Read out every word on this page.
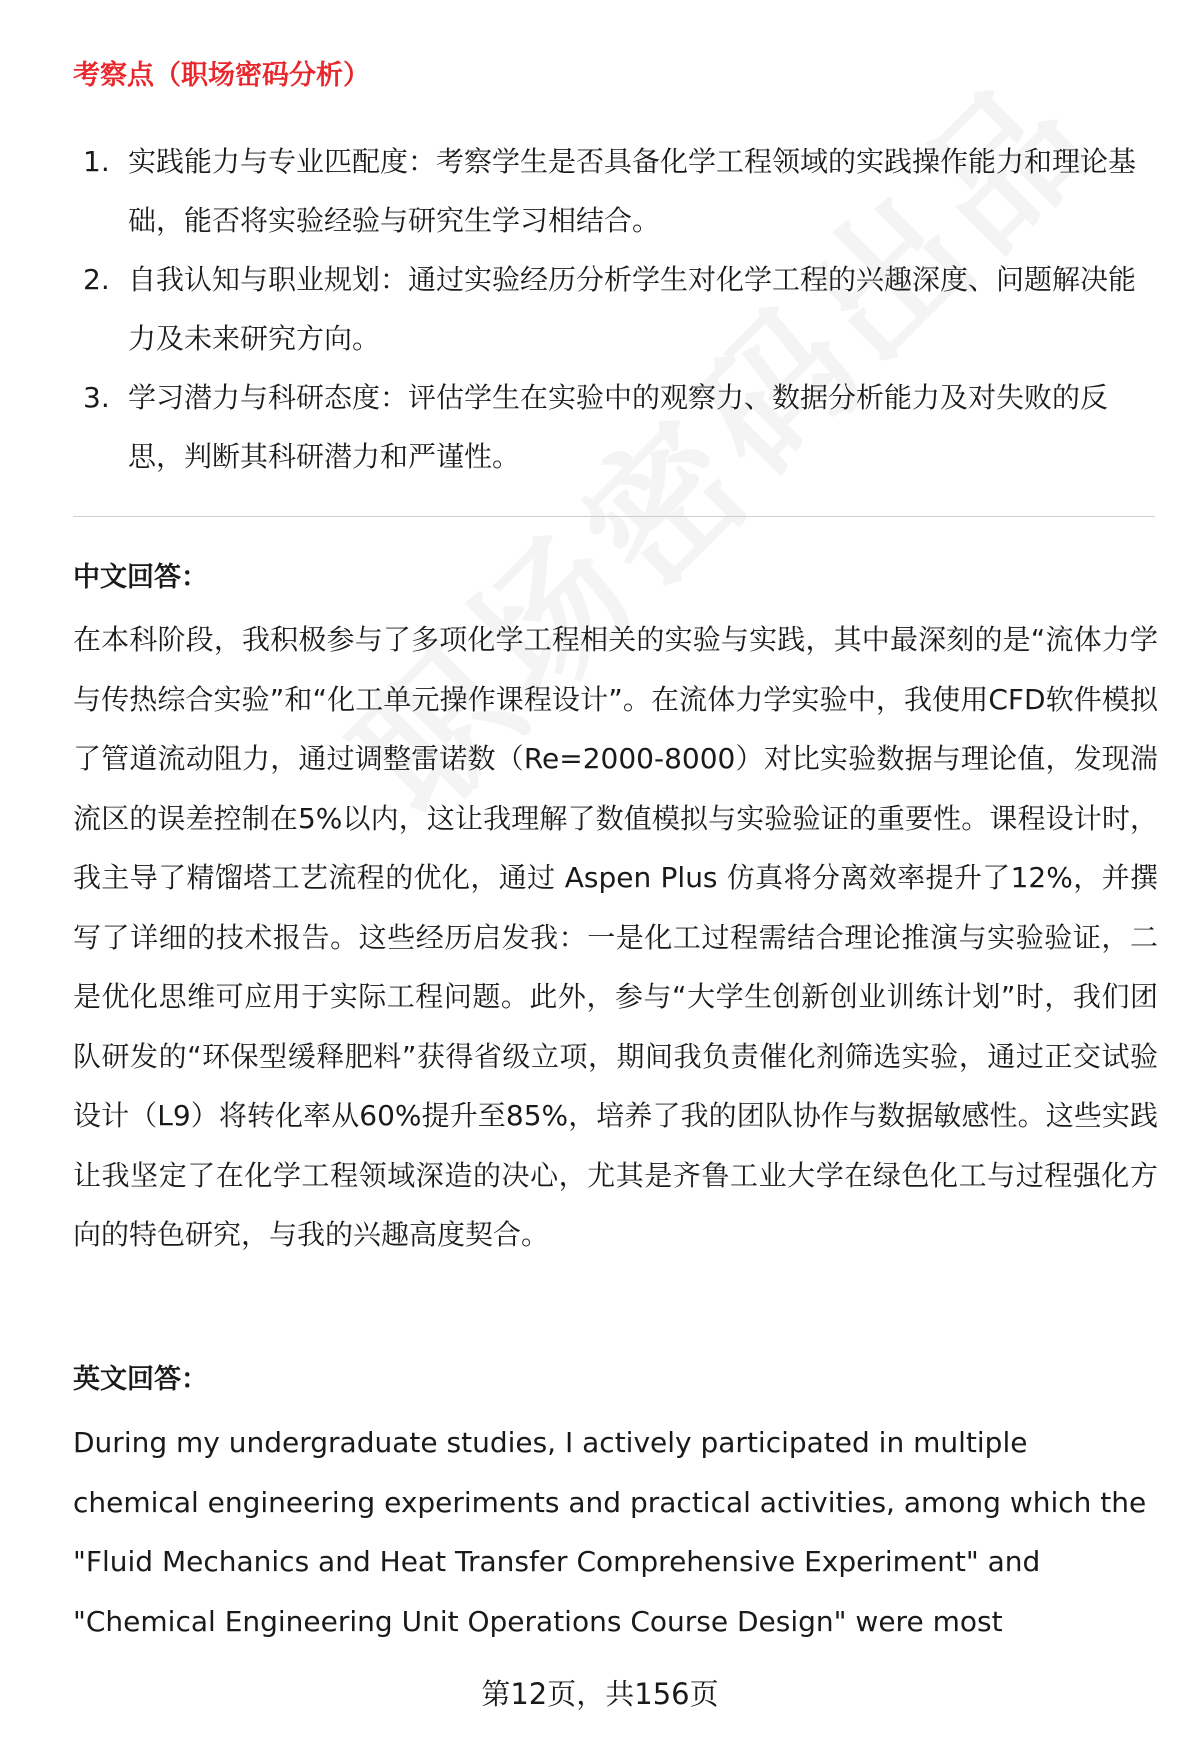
考察点（职场密码分析）
1. 实践能力与专业匹配度：考察学生是否具备化学工程领域的实践操作能力和理论基础，能否将实验经验与研究生学习相结合。
2. 自我认知与职业规划：通过实验经历分析学生对化学工程的兴趣深度、问题解决能力及未来研究方向。
3. 学习潜力与科研态度：评估学生在实验中的观察力、数据分析能力及对失败的反思，判断其科研潜力和严谨性。
中文回答：

在本科阶段，我积极参与了多项化学工程相关的实验与实践，其中最深刻的是“流体力学与传热综合实验”和“化工单元操作课程设计”。在流体力学实验中，我使用CFD软件模拟了管道流动阻力，通过调整雷诺数（Re=2000-8000）对比实验数据与理论值，发现湍流区的误差控制在5%以内，这让我理解了数值模拟与实验验证的重要性。课程设计时，我主导了精馏塔工艺流程的优化，通过 Aspen Plus 仿真将分离效率提升了12%，并撰写了详细的技术报告。这些经历启发我：一是化工过程需结合理论推演与实验验证，二是优化思维可应用于实际工程问题。此外，参与“大学生创新创业训练计划”时，我们团队研发的“环保型缓释肥料”获得省级立项，期间我负责催化剂筛选实验，通过正交试验设计（L9）将转化率从60%提升至85%，培养了我的团队协作与数据敏感性。这些实践让我坚定了在化学工程领域深造的决心，尤其是齐鲁工业大学在绿色化工与过程强化方向的特色研究，与我的兴趣高度契合。

英文回答：

During my undergraduate studies, I actively participated in multiple chemical engineering experiments and practical activities, among which the "Fluid Mechanics and Heat Transfer Comprehensive Experiment" and "Chemical Engineering Unit Operations Course Design" were most

第12页，共156页
